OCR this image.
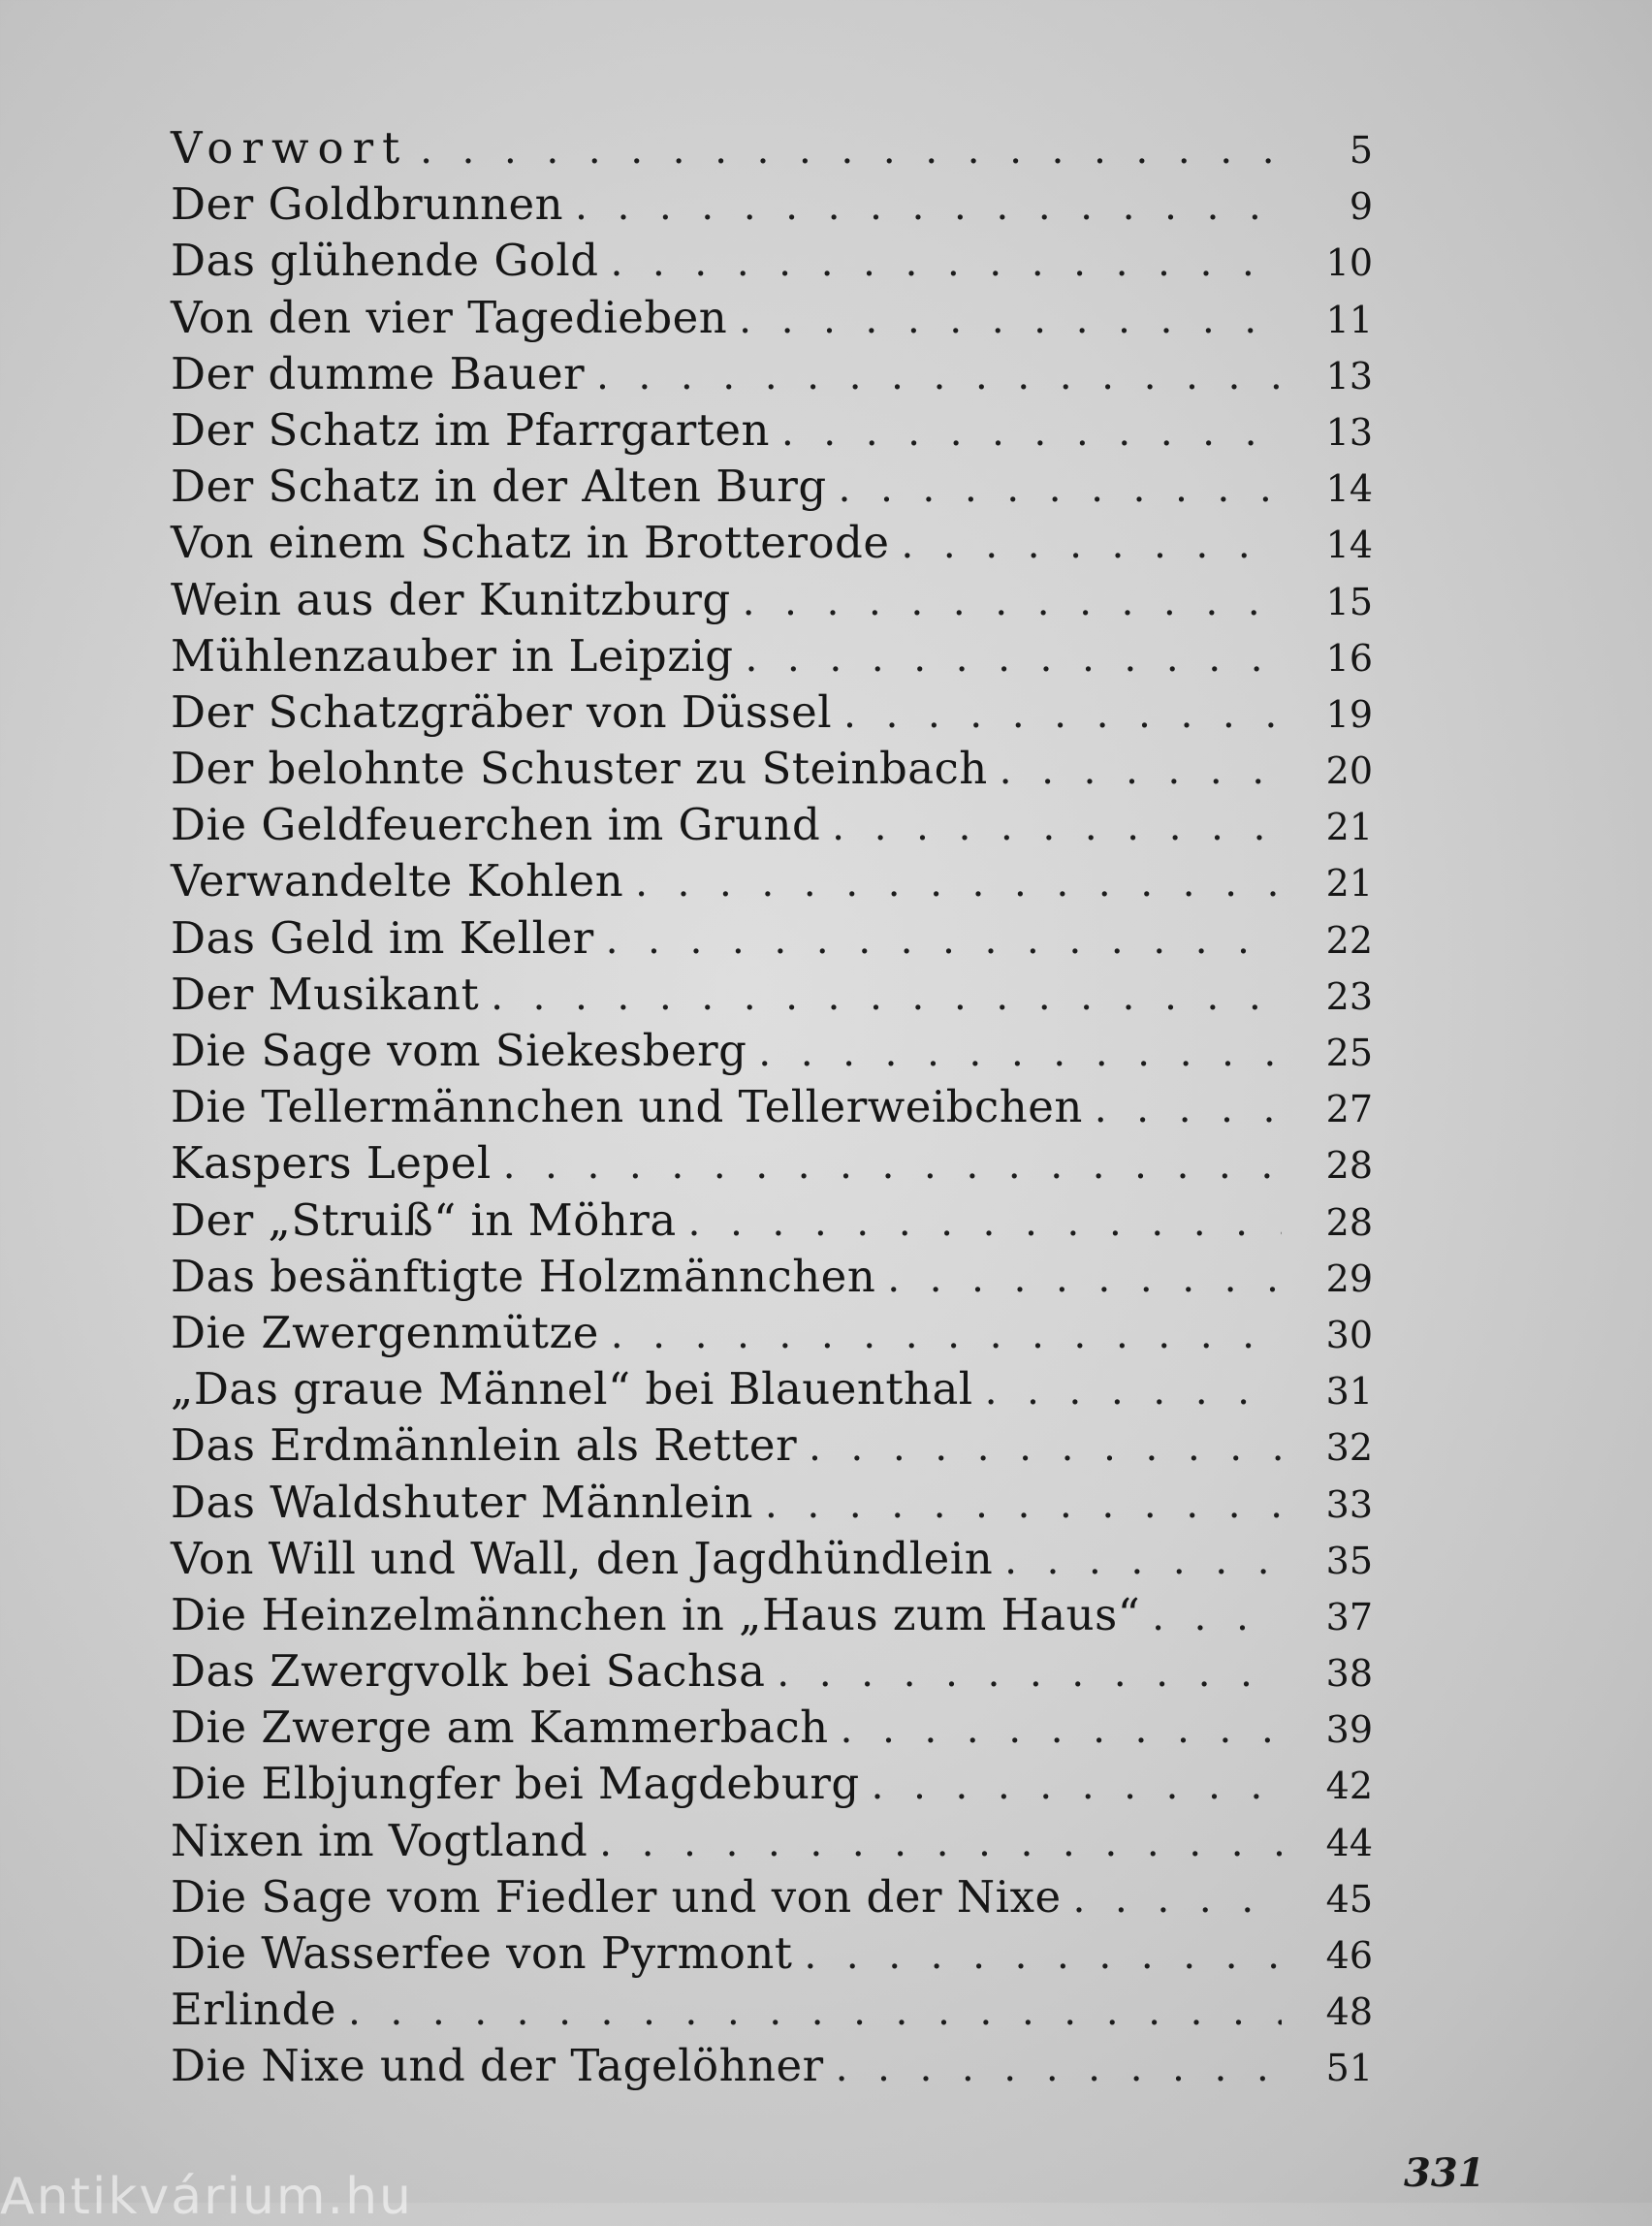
Vorwort . . .	5
Der Goldbrunnen . . .	9
Das glühende Gold . . .	10
Von den vier Tagedieben . . .	11
Der dumme Bauer . . .	13
Der Schatz im Pfarrgarten . . .	13
Der Schatz in der Alten Burg . . .	14
Von einem Schatz in Brotterode . . .	14
Wein aus der Kunitzburg . . .	15
Mühlenzauber in Leipzig . . .	16
Der Schatzgräber von Düssel . . .	19
Der belohnte Schuster zu Steinbach . . .	20
Die Geldfeuerchen im Grund . . .	21
Verwandelte Kohlen . . .	21
Das Geld im Keller . . .	22
Der Musikant . . .	23
Die Sage vom Siekesberg . . .	25
Die Tellermännchen und Tellerweibchen . . .	27
Kaspers Lepel . . .	28
Der „Struiß“ in Möhra . . .	28
Das besänftigte Holzmännchen . . .	29
Die Zwergenmütze . . .	30
„Das graue Männel“ bei Blauenthal . . .	31
Das Erdmännlein als Retter . . .	32
Das Waldshuter Männlein . . .	33
Von Will und Wall, den Jagdhündlein . . .	35
Die Heinzelmännchen in „Haus zum Haus“ . . .	37
Das Zwergvolk bei Sachsa . . .	38
Die Zwerge am Kammerbach . . .	39
Die Elbjungfer bei Magdeburg . . .	42
Nixen im Vogtland . . .	44
Die Sage vom Fiedler und von der Nixe . . .	45
Die Wasserfee von Pyrmont . . .	46
Erlinde . . .	48
Die Nixe und der Tagelöhner . . .	51
331
Antikvárium.hu
